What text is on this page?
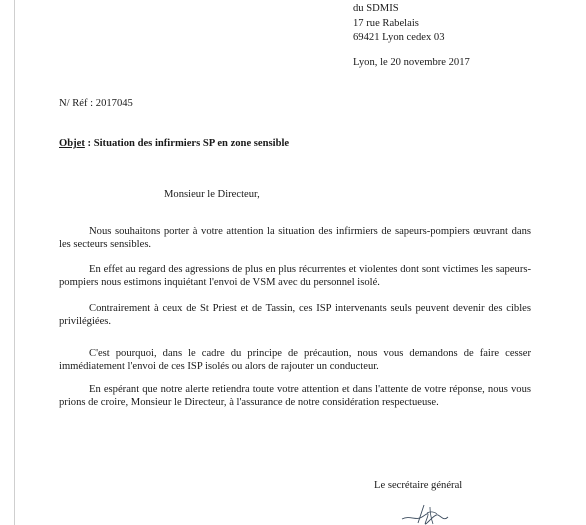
du SDMIS
17 rue Rabelais
69421 Lyon cedex 03
Lyon, le 20 novembre 2017
N/ Réf : 2017045
Objet : Situation des infirmiers SP en zone sensible
Monsieur le Directeur,

Nous souhaitons porter à votre attention la situation des infirmiers de sapeurs-pompiers œuvrant dans les secteurs sensibles.

En effet au regard des agressions de plus en plus récurrentes et violentes dont sont victimes les sapeurs-pompiers nous estimons inquiétant l'envoi de VSM avec du personnel isolé.

Contrairement à ceux de St Priest et de Tassin, ces ISP intervenants seuls peuvent devenir des cibles privilégiées.

C'est pourquoi, dans le cadre du principe de précaution, nous vous demandons de faire cesser immédiatement l'envoi de ces ISP isolés ou alors de rajouter un conducteur.

En espérant que notre alerte retiendra toute votre attention et dans l'attente de votre réponse, nous vous prions de croire, Monsieur le Directeur, à l'assurance de notre considération respectueuse.

Le secrétaire général
